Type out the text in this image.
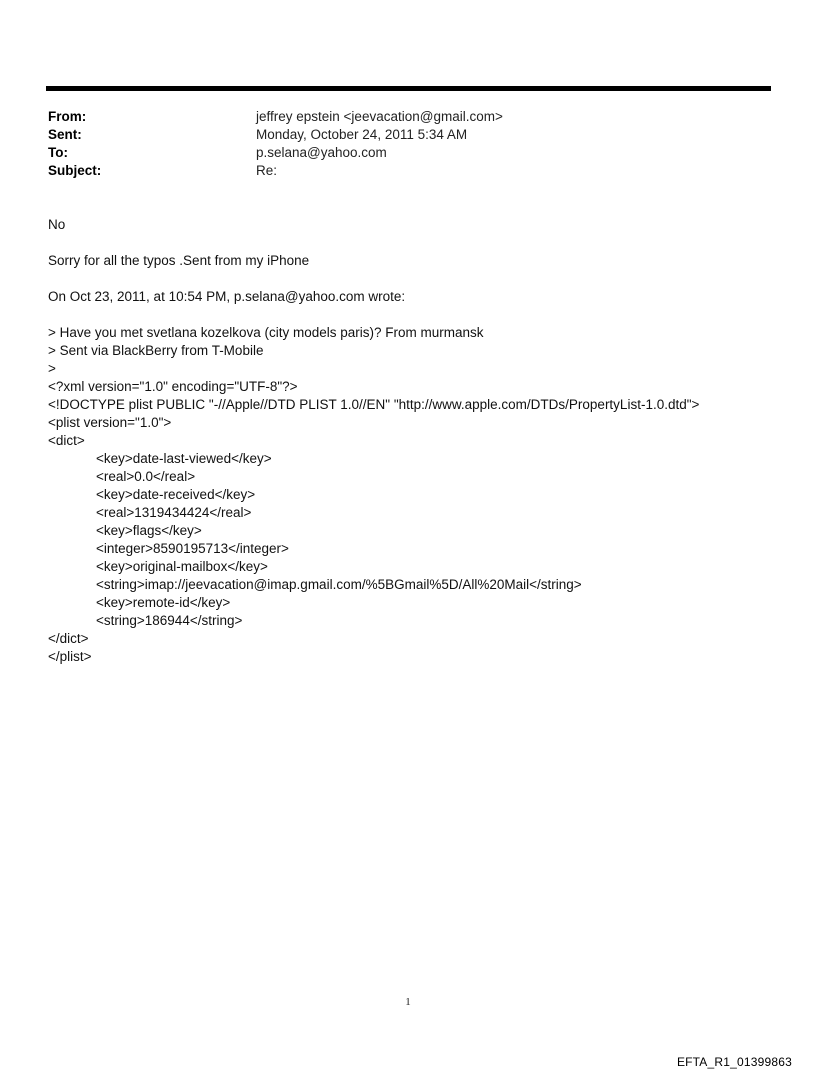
From:	jeffrey epstein <jeevacation@gmail.com>
Sent:	Monday, October 24, 2011 5:34 AM
To:	p.selana@yahoo.com
Subject:	Re:

No

Sorry for all the typos .Sent from my iPhone

On Oct 23, 2011, at 10:54 PM, p.selana@yahoo.com wrote:

> Have you met svetlana kozelkova (city models paris)? From murmansk

> Sent via BlackBerry from T-Mobile

>

<?xml version="1.0" encoding="UTF-8"?>

<!DOCTYPE plist PUBLIC "-//Apple//DTD PLIST 1.0//EN" "http://www.apple.com/DTDs/PropertyList-1.0.dtd">

<plist version="1.0">

<dict>

<key>date-last-viewed</key>

<real>0.0</real>

<key>date-received</key>

<real>1319434424</real>

<key>flags</key>

<integer>8590195713</integer>

<key>original-mailbox</key>

<string>imap://jeevacation@imap.gmail.com/%5BGmail%5D/All%20Mail</string>

<key>remote-id</key>

<string>186944</string>

</dict>

</plist>

1
EFTA_R1_01399863
